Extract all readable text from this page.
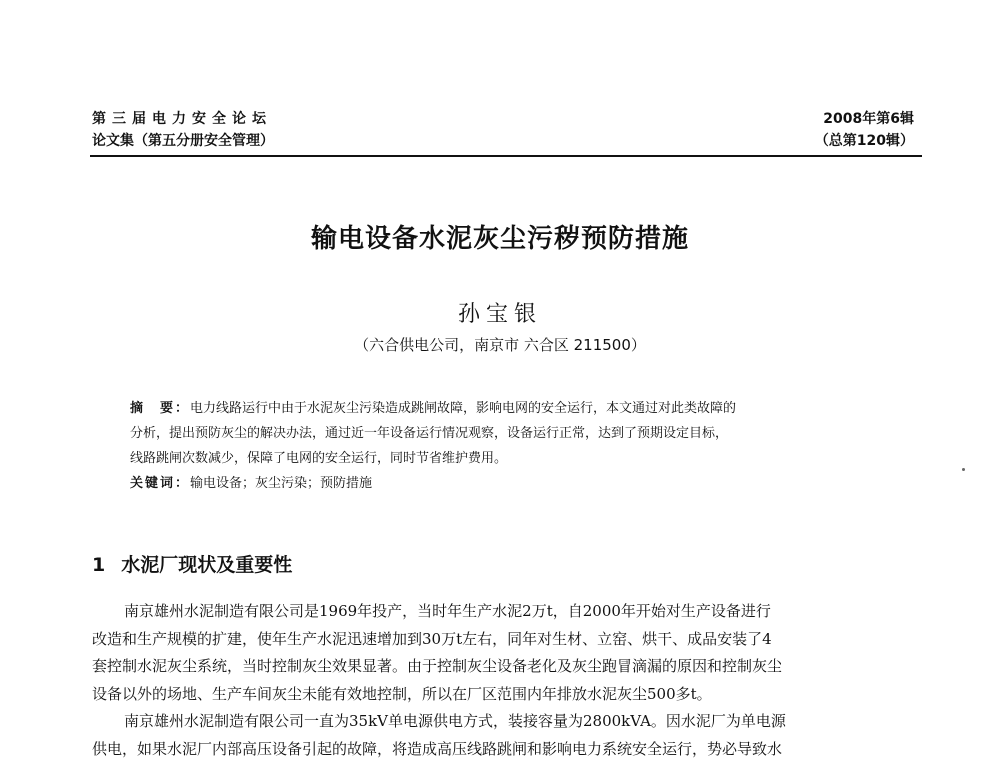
第三届电力安全论坛
论文集（第五分册安全管理）
2008年第6辑
（总第120辑）
输电设备水泥灰尘污秽预防措施
孙宝银
（六合供电公司，南京市 六合区 211500）
摘　要：电力线路运行中由于水泥灰尘污染造成跳闸故障，影响电网的安全运行，本文通过对此类故障的
分析，提出预防灰尘的解决办法，通过近一年设备运行情况观察，设备运行正常，达到了预期设定目标，
线路跳闸次数减少，保障了电网的安全运行，同时节省维护费用。
关键词：输电设备；灰尘污染；预防措施
1 水泥厂现状及重要性
南京雄州水泥制造有限公司是1969年投产，当时年生产水泥2万t，自2000年开始对生产设备进行
改造和生产规模的扩建，使年生产水泥迅速增加到30万t左右，同年对生材、立窑、烘干、成品安装了4
套控制水泥灰尘系统，当时控制灰尘效果显著。由于控制灰尘设备老化及灰尘跑冒滴漏的原因和控制灰尘
设备以外的场地、生产车间灰尘未能有效地控制，所以在厂区范围内年排放水泥灰尘500多t。
南京雄州水泥制造有限公司一直为35kV单电源供电方式，装接容量为2800kVA。因水泥厂为单电源
供电，如果水泥厂内部高压设备引起的故障，将造成高压线路跳闸和影响电力系统安全运行，势必导致水
